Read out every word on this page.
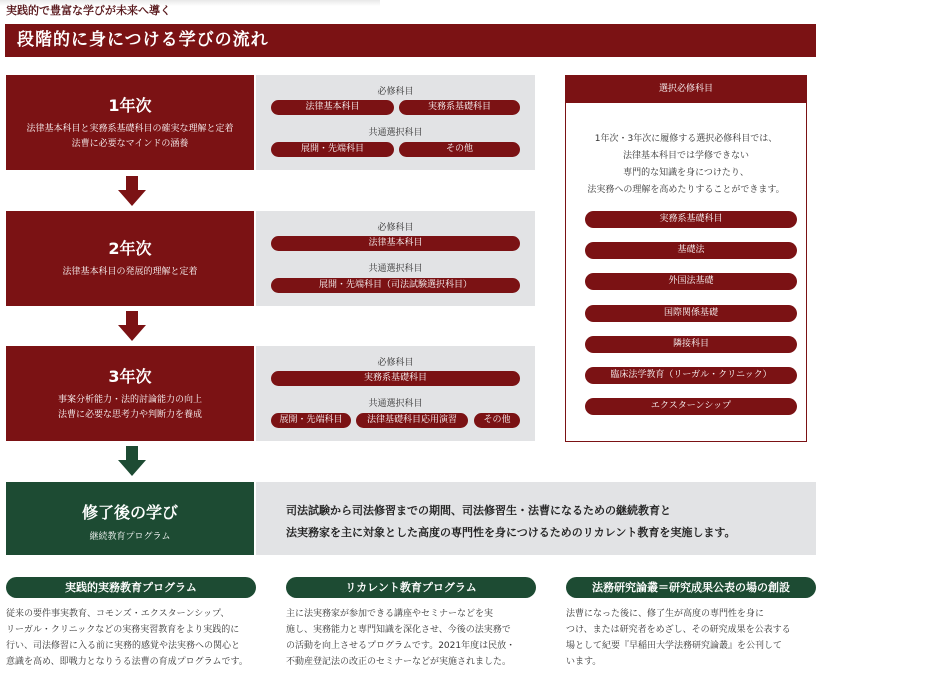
実践的で豊富な学びが未来へ導く
段階的に身につける学びの流れ
1年次
法律基本科目と実務系基礎科目の確実な理解と定着
法曹に必要なマインドの涵養
必修科目
法律基本科目	実務系基礎科目
共通選択科目
展開・先端科目	その他
2年次
法律基本科目の発展的理解と定着
必修科目
法律基本科目
共通選択科目
展開・先端科目（司法試験選択科目）
3年次
事案分析能力・法的討論能力の向上
法曹に必要な思考力や判断力を養成
必修科目
実務系基礎科目
共通選択科目
展開・先端科目	法律基礎科目応用演習	その他
選択必修科目
1年次・3年次に履修する選択必修科目では、
法律基本科目では学修できない
専門的な知識を身につけたり、
法実務への理解を高めたりすることができます。
実務系基礎科目
基礎法
外国法基礎
国際関係基礎
隣接科目
臨床法学教育（リーガル・クリニック）
エクスターンシップ
修了後の学び
継続教育プログラム
司法試験から司法修習までの期間、司法修習生・法曹になるための継続教育と
法実務家を主に対象とした高度の専門性を身につけるためのリカレント教育を実施します。
実践的実務教育プログラム
従来の要件事実教育、コモンズ・エクスターンシップ、
リーガル・クリニックなどの実務実習教育をより実践的に
行い、司法修習に入る前に実務的感覚や法実務への関心と
意識を高め、即戦力となりうる法曹の育成プログラムです。
リカレント教育プログラム
主に法実務家が参加できる講座やセミナーなどを実
施し、実務能力と専門知識を深化させ、今後の法実務で
の活動を向上させるプログラムです。2021年度は民放・
不動産登記法の改正のセミナーなどが実施されました。
法務研究論叢＝研究成果公表の場の創設
法曹になった後に、修了生が高度の専門性を身に
つけ、または研究者をめざし、その研究成果を公表する
場として紀要『早稲田大学法務研究論叢』を公刊して
います。
